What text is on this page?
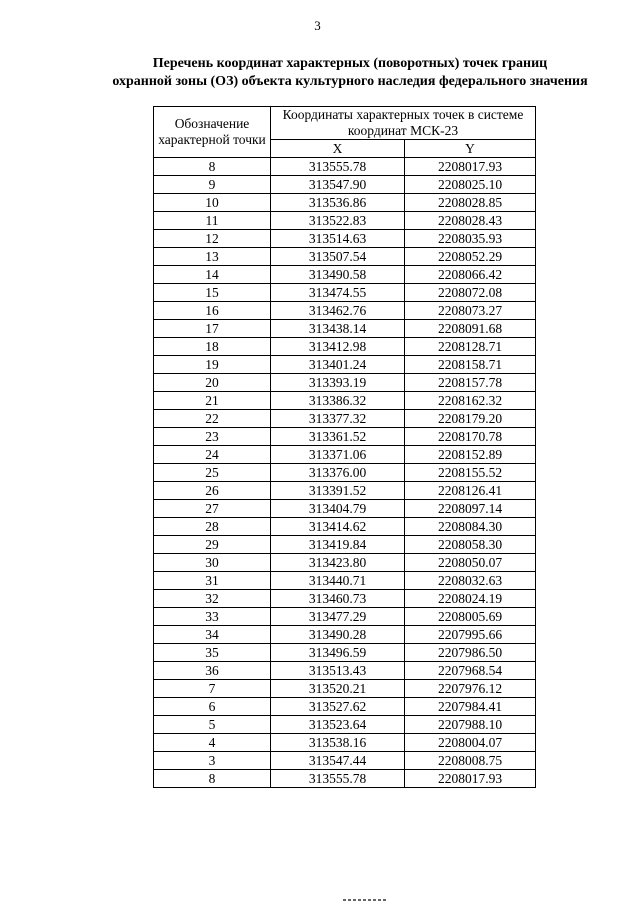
3
Перечень координат характерных (поворотных) точек границ
охранной зоны (ОЗ) объекта культурного наследия федерального значения
Обозначение характерной точки	Координаты характерных точек в системе координат МСК-23	
	X	Y
8	313555.78	2208017.93
9	313547.90	2208025.10
10	313536.86	2208028.85
11	313522.83	2208028.43
12	313514.63	2208035.93
13	313507.54	2208052.29
14	313490.58	2208066.42
15	313474.55	2208072.08
16	313462.76	2208073.27
17	313438.14	2208091.68
18	313412.98	2208128.71
19	313401.24	2208158.71
20	313393.19	2208157.78
21	313386.32	2208162.32
22	313377.32	2208179.20
23	313361.52	2208170.78
24	313371.06	2208152.89
25	313376.00	2208155.52
26	313391.52	2208126.41
27	313404.79	2208097.14
28	313414.62	2208084.30
29	313419.84	2208058.30
30	313423.80	2208050.07
31	313440.71	2208032.63
32	313460.73	2208024.19
33	313477.29	2208005.69
34	313490.28	2207995.66
35	313496.59	2207986.50
36	313513.43	2207968.54
7	313520.21	2207976.12
6	313527.62	2207984.41
5	313523.64	2207988.10
4	313538.16	2208004.07
3	313547.44	2208008.75
8	313555.78	2208017.93
